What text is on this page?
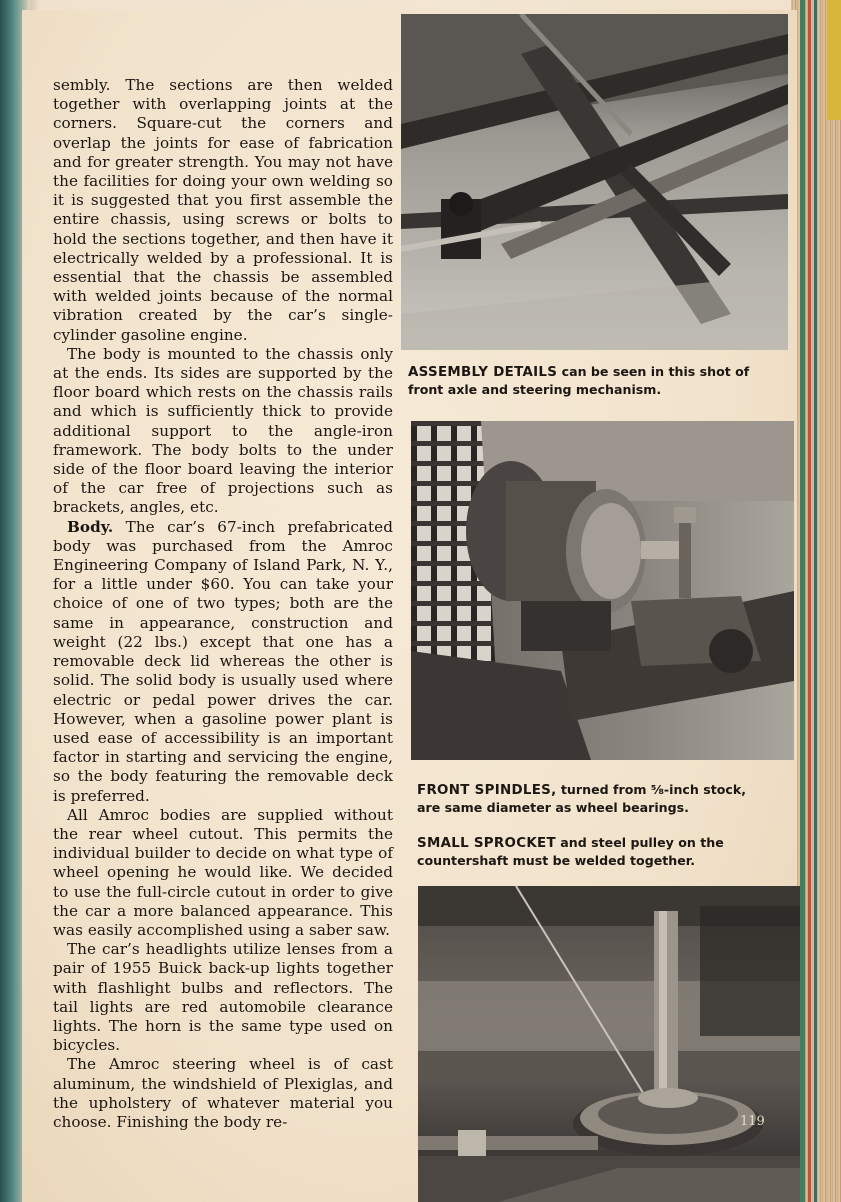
sembly. The sections are then welded together with overlapping joints at the corners. Square-cut the corners and overlap the joints for ease of fabrication and for greater strength. You may not have the facilities for doing your own welding so it is suggested that you first assemble the entire chassis, using screws or bolts to hold the sections together, and then have it electrically welded by a professional. It is essential that the chassis be assembled with welded joints because of the normal vibration created by the car’s single-cylinder gasoline engine.

The body is mounted to the chassis only at the ends. Its sides are supported by the floor board which rests on the chassis rails and which is sufficiently thick to provide additional support to the angle-iron framework. The body bolts to the under side of the floor board leaving the interior of the car free of projections such as brackets, angles, etc.

Body. The car’s 67-inch prefabricated body was purchased from the Amroc Engineering Company of Island Park, N. Y., for a little under $60. You can take your choice of one of two types; both are the same in appearance, construction and weight (22 lbs.) except that one has a removable deck lid whereas the other is solid. The solid body is usually used where electric or pedal power drives the car. However, when a gasoline power plant is used ease of accessibility is an important factor in starting and servicing the engine, so the body featuring the removable deck is preferred.

All Amroc bodies are supplied without the rear wheel cutout. This permits the individual builder to decide on what type of wheel opening he would like. We decided to use the full-circle cutout in order to give the car a more balanced appearance. This was easily accomplished using a saber saw.

The car’s headlights utilize lenses from a pair of 1955 Buick back-up lights together with flashlight bulbs and reflectors. The tail lights are red automobile clearance lights. The horn is the same type used on bicycles.

The Amroc steering wheel is of cast aluminum, the windshield of Plexiglas, and the upholstery of whatever material you choose. Finishing the body re-

ASSEMBLY DETAILS can be seen in this shot of front axle and steering mechanism.
FRONT SPINDLES, turned from ⅝-inch stock, are same diameter as wheel bearings.
SMALL SPROCKET and steel pulley on the countershaft must be welded together.
119
